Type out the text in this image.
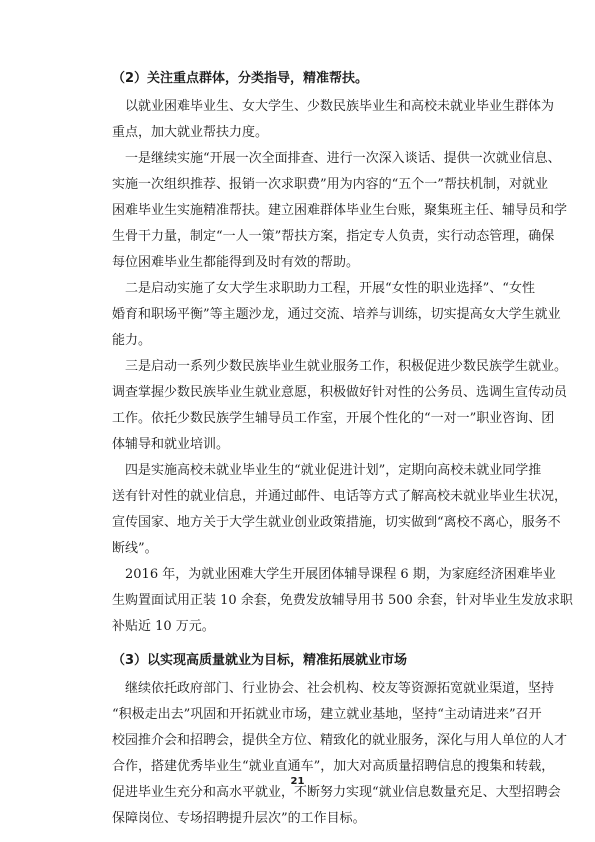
（2）关注重点群体，分类指导，精准帮扶。

以就业困难毕业生、女大学生、少数民族毕业生和高校未就业毕业生群体为
重点，加大就业帮扶力度。

一是继续实施“开展一次全面排查、进行一次深入谈话、提供一次就业信息、
实施一次组织推荐、报销一次求职费”用为内容的“五个一”帮扶机制，对就业
困难毕业生实施精准帮扶。建立困难群体毕业生台账，聚集班主任、辅导员和学
生骨干力量，制定“一人一策”帮扶方案，指定专人负责，实行动态管理，确保
每位困难毕业生都能得到及时有效的帮助。

二是启动实施了女大学生求职助力工程，开展“女性的职业选择”、“女性
婚育和职场平衡”等主题沙龙，通过交流、培养与训练，切实提高女大学生就业
能力。

三是启动一系列少数民族毕业生就业服务工作，积极促进少数民族学生就业。
调查掌握少数民族毕业生就业意愿，积极做好针对性的公务员、选调生宣传动员
工作。依托少数民族学生辅导员工作室，开展个性化的“一对一”职业咨询、团
体辅导和就业培训。

四是实施高校未就业毕业生的“就业促进计划”，定期向高校未就业同学推
送有针对性的就业信息，并通过邮件、电话等方式了解高校未就业毕业生状况，
宣传国家、地方关于大学生就业创业政策措施，切实做到“离校不离心，服务不
断线”。

2016 年，为就业困难大学生开展团体辅导课程 6 期，为家庭经济困难毕业
生购置面试用正装 10 余套，免费发放辅导用书 500 余套，针对毕业生发放求职
补贴近 10 万元。

（3）以实现高质量就业为目标，精准拓展就业市场

继续依托政府部门、行业协会、社会机构、校友等资源拓宽就业渠道，坚持
“积极走出去”巩固和开拓就业市场，建立就业基地，坚持“主动请进来”召开
校园推介会和招聘会，提供全方位、精致化的就业服务，深化与用人单位的人才
合作，搭建优秀毕业生“就业直通车”，加大对高质量招聘信息的搜集和转载，
促进毕业生充分和高水平就业，不断努力实现“就业信息数量充足、大型招聘会
保障岗位、专场招聘提升层次”的工作目标。

21
